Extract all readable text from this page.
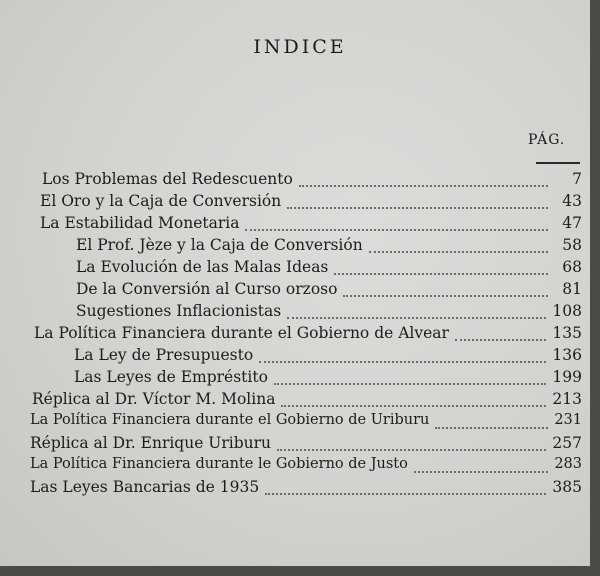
INDICE
PÁG.
Los Problemas del Redescuento	7
El Oro y la Caja de Conversión	43
La Estabilidad Monetaria	47
El Prof. Jèze y la Caja de Conversión	58
La Evolución de las Malas Ideas	68
De la Conversión al Curso orzoso	81
Sugestiones Inflacionistas	108
La Política Financiera durante el Gobierno de Alvear	135
La Ley de Presupuesto	136
Las Leyes de Empréstito	199
Réplica al Dr. Víctor M. Molina	213
La Política Financiera durante el Gobierno de Uriburu	231
Réplica al Dr. Enrique Uriburu	257
La Política Financiera durante le Gobierno de Justo	283
Las Leyes Bancarias de 1935	385
